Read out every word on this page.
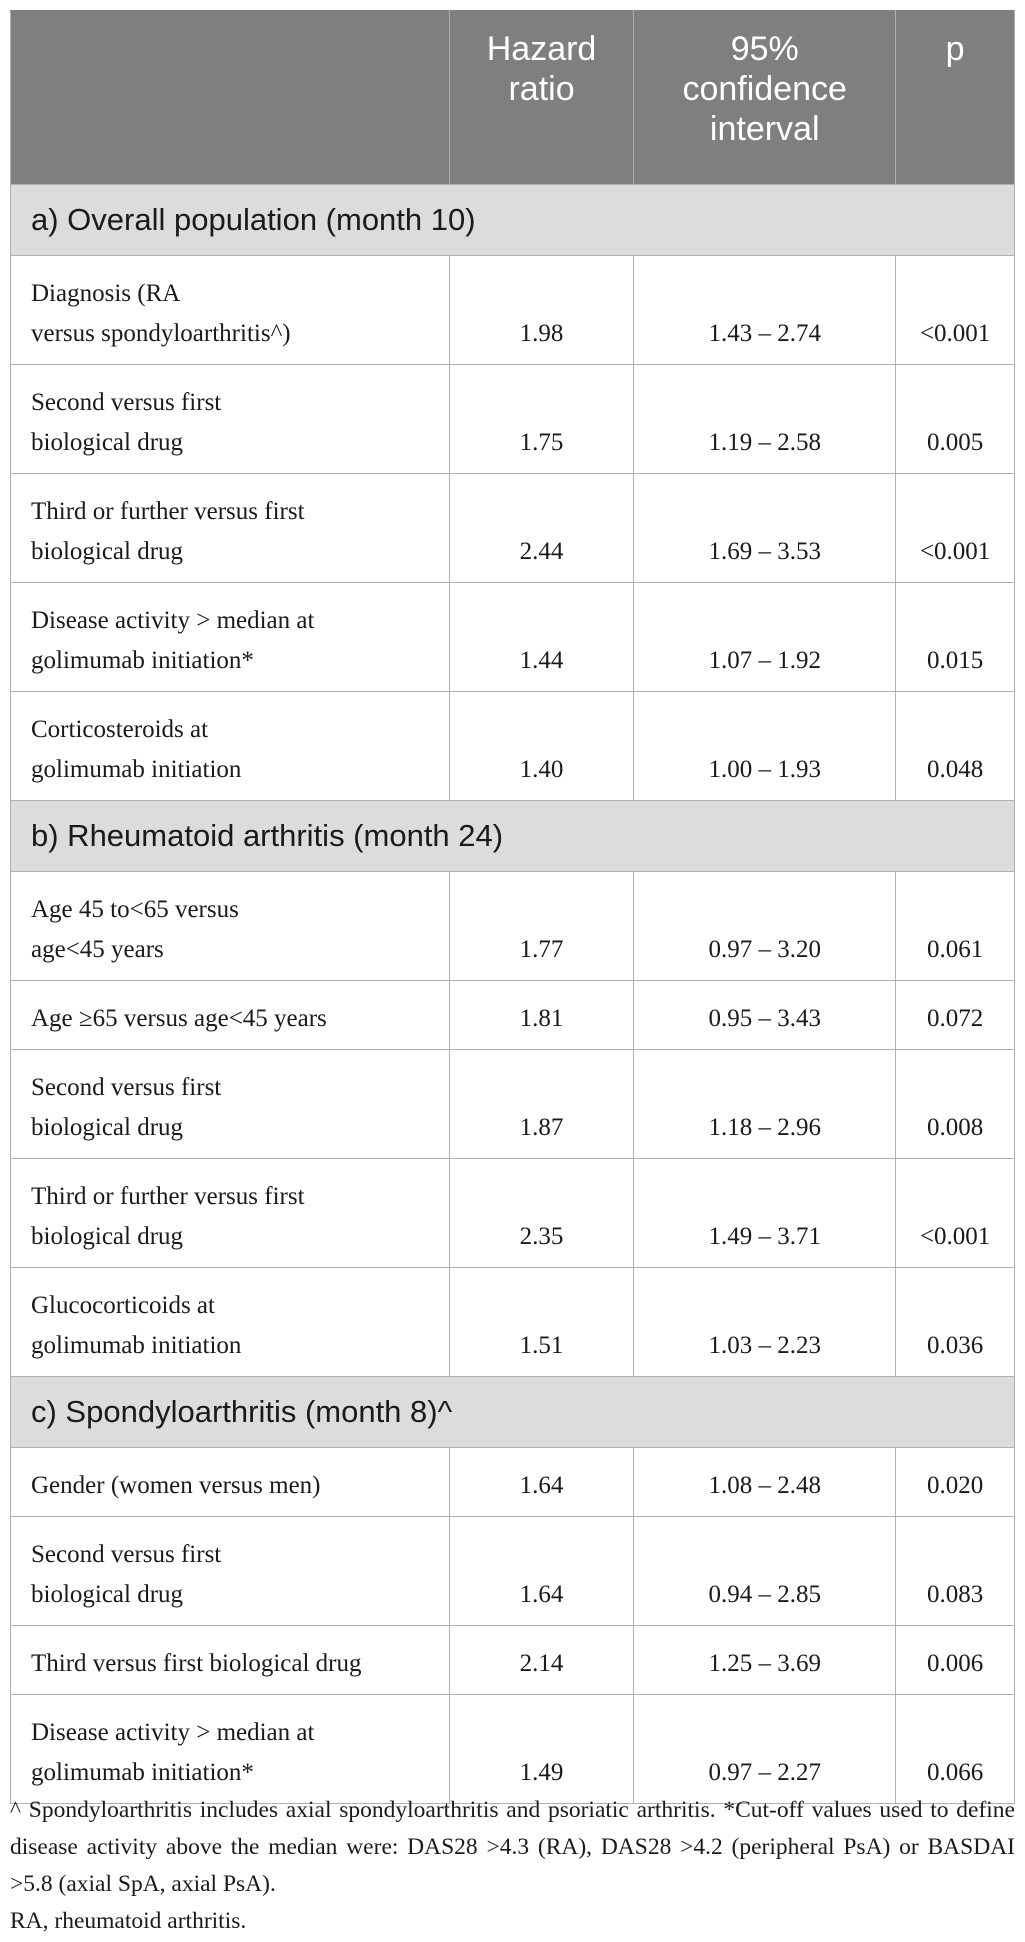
	Hazard
ratio	95%
confidence
interval	p
a) Overall population (month 10)			
Diagnosis (RA
versus spondyloarthritis^)	1.98	1.43 – 2.74	<0.001
Second versus first
biological drug	1.75	1.19 – 2.58	0.005
Third or further versus first
biological drug	2.44	1.69 – 3.53	<0.001
Disease activity > median at
golimumab initiation*	1.44	1.07 – 1.92	0.015
Corticosteroids at
golimumab initiation	1.40	1.00 – 1.93	0.048
b) Rheumatoid arthritis (month 24)			
Age 45 to<65 versus
age<45 years	1.77	0.97 – 3.20	0.061
Age ≥65 versus age<45 years	1.81	0.95 – 3.43	0.072
Second versus first
biological drug	1.87	1.18 – 2.96	0.008
Third or further versus first
biological drug	2.35	1.49 – 3.71	<0.001
Glucocorticoids at
golimumab initiation	1.51	1.03 – 2.23	0.036
c) Spondyloarthritis (month 8)^			
Gender (women versus men)	1.64	1.08 – 2.48	0.020
Second versus first
biological drug	1.64	0.94 – 2.85	0.083
Third versus first biological drug	2.14	1.25 – 3.69	0.006
Disease activity > median at
golimumab initiation*	1.49	0.97 – 2.27	0.066

^ Spondyloarthritis includes axial spondyloarthritis and psoriatic arthritis. *Cut-off values used to define disease activity above the median were: DAS28 >4.3 (RA), DAS28 >4.2 (peripheral PsA) or BASDAI >5.8 (axial SpA, axial PsA).

RA, rheumatoid arthritis.
